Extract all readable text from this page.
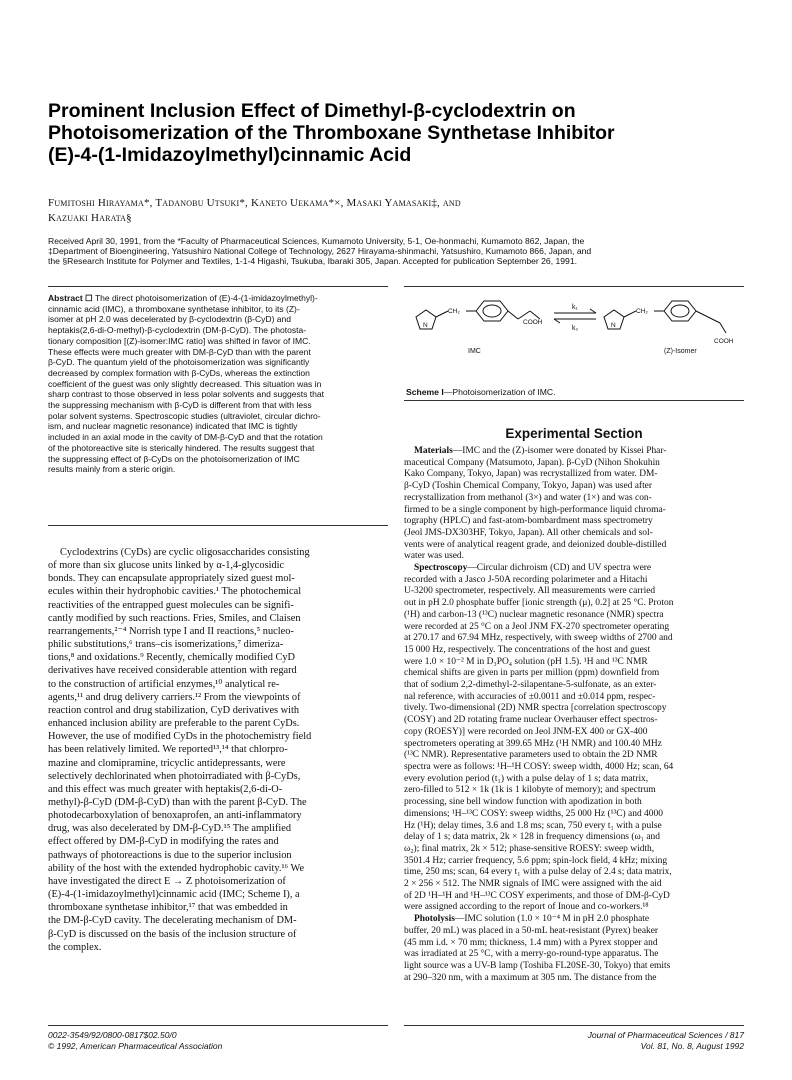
Prominent Inclusion Effect of Dimethyl-β-cyclodextrin on
Photoisomerization of the Thromboxane Synthetase Inhibitor
(E)-4-(1-Imidazoylmethyl)cinnamic Acid
Fumitoshi Hirayama*, Tadanobu Utsuki*, Kaneto Uekama*×, Masaki Yamasaki‡, and
Kazuaki Harata§
Received April 30, 1991, from the *Faculty of Pharmaceutical Sciences, Kumamoto University, 5-1, Oe-honmachi, Kumamoto 862, Japan, the
‡Department of Bioengineering, Yatsushiro National College of Technology, 2627 Hirayama-shinmachi, Yatsushiro, Kumamoto 866, Japan, and
the §Research Institute for Polymer and Textiles, 1-1-4 Higashi, Tsukuba, Ibaraki 305, Japan. Accepted for publication September 26, 1991.
Abstract ☐ The direct photoisomerization of (E)-4-(1-imidazoylmethyl)-
cinnamic acid (IMC), a thromboxane synthetase inhibitor, to its (Z)-
isomer at pH 2.0 was decelerated by β-cyclodextrin (β-CyD) and
heptakis(2,6-di-O-methyl)-β-cyclodextrin (DM-β-CyD). The photosta-
tionary composition [(Z)-isomer:IMC ratio] was shifted in favor of IMC.
These effects were much greater with DM-β-CyD than with the parent
β-CyD. The quantum yield of the photoisomerization was significantly
decreased by complex formation with β-CyDs, whereas the extinction
coefficient of the guest was only slightly decreased. This situation was in
sharp contrast to those observed in less polar solvents and suggests that
the suppressing mechanism with β-CyD is different from that with less
polar solvent systems. Spectroscopic studies (ultraviolet, circular dichro-
ism, and nuclear magnetic resonance) indicated that IMC is tightly
included in an axial mode in the cavity of DM-β-CyD and that the rotation
of the photoreactive site is sterically hindered. The results suggest that
the suppressing effect of β-CyDs on the photoisomerization of IMC
results mainly from a steric origin.
Cyclodextrins (CyDs) are cyclic oligosaccharides consisting
of more than six glucose units linked by α-1,4-glycosidic
bonds. They can encapsulate appropriately sized guest mol-
ecules within their hydrophobic cavities.¹ The photochemical
reactivities of the entrapped guest molecules can be signifi-
cantly modified by such reactions. Fries, Smiles, and Claisen
rearrangements,²⁻⁴ Norrish type I and II reactions,⁵ nucleo-
philic substitutions,⁶ trans–cis isomerizations,⁷ dimeriza-
tions,⁸ and oxidations.⁹ Recently, chemically modified CyD
derivatives have received considerable attention with regard
to the construction of artificial enzymes,¹⁰ analytical re-
agents,¹¹ and drug delivery carriers.¹² From the viewpoints of
reaction control and drug stabilization, CyD derivatives with
enhanced inclusion ability are preferable to the parent CyDs.
However, the use of modified CyDs in the photochemistry field
has been relatively limited. We reported¹³,¹⁴ that chlorpro-
mazine and clomipramine, tricyclic antidepressants, were
selectively dechlorinated when photoirradiated with β-CyDs,
and this effect was much greater with heptakis(2,6-di-O-
methyl)-β-CyD (DM-β-CyD) than with the parent β-CyD. The
photodecarboxylation of benoxaprofen, an anti-inflammatory
drug, was also decelerated by DM-β-CyD.¹⁵ The amplified
effect offered by DM-β-CyD in modifying the rates and
pathways of photoreactions is due to the superior inclusion
ability of the host with the extended hydrophobic cavity.¹⁶ We
have investigated the direct E → Z photoisomerization of
(E)-4-(1-imidazoylmethyl)cinnamic acid (IMC; Scheme I), a
thromboxane synthetase inhibitor,¹⁷ that was embedded in
the DM-β-CyD cavity. The decelerating mechanism of DM-
β-CyD is discussed on the basis of the inclusion structure of
the complex.
CH₂
COOH
CH₂
COOH
N	N
k₁
k₂
IMC	(Z)-Isomer
Scheme I—Photoisomerization of IMC.
Experimental Section
Materials—IMC and the (Z)-isomer were donated by Kissei Phar-
maceutical Company (Matsumoto, Japan). β-CyD (Nihon Shokuhin
Kako Company, Tokyo, Japan) was recrystallized from water. DM-
β-CyD (Toshin Chemical Company, Tokyo, Japan) was used after
recrystallization from methanol (3×) and water (1×) and was con-
firmed to be a single component by high-performance liquid chroma-
tography (HPLC) and fast-atom-bombardment mass spectrometry
(Jeol JMS-DX303HF, Tokyo, Japan). All other chemicals and sol-
vents were of analytical reagent grade, and deionized double-distilled
water was used.
Spectroscopy—Circular dichroism (CD) and UV spectra were
recorded with a Jasco J-50A recording polarimeter and a Hitachi
U-3200 spectrometer, respectively. All measurements were carried
out in pH 2.0 phosphate buffer [ionic strength (μ), 0.2] at 25 °C. Proton
(¹H) and carbon-13 (¹³C) nuclear magnetic resonance (NMR) spectra
were recorded at 25 °C on a Jeol JNM FX-270 spectrometer operating
at 270.17 and 67.94 MHz, respectively, with sweep widths of 2700 and
15 000 Hz, respectively. The concentrations of the host and guest
were 1.0 × 10⁻² M in D₃PO₄ solution (pH 1.5). ¹H and ¹³C NMR
chemical shifts are given in parts per million (ppm) downfield from
that of sodium 2,2-dimethyl-2-silapentane-5-sulfonate, as an exter-
nal reference, with accuracies of ±0.0011 and ±0.014 ppm, respec-
tively. Two-dimensional (2D) NMR spectra [correlation spectroscopy
(COSY) and 2D rotating frame nuclear Overhauser effect spectros-
copy (ROESY)] were recorded on Jeol JNM-EX 400 or GX-400
spectrometers operating at 399.65 MHz (¹H NMR) and 100.40 MHz
(¹³C NMR). Representative parameters used to obtain the 2D NMR
spectra were as follows: ¹H–¹H COSY: sweep width, 4000 Hz; scan, 64
every evolution period (t₁) with a pulse delay of 1 s; data matrix,
zero-filled to 512 × 1k (1k is 1 kilobyte of memory); and spectrum
processing, sine bell window function with apodization in both
dimensions; ¹H–¹³C COSY: sweep widths, 25 000 Hz (¹³C) and 4000
Hz (¹H); delay times, 3.6 and 1.8 ms; scan, 750 every t₁ with a pulse
delay of 1 s; data matrix, 2k × 128 in frequency dimensions (ω₁ and
ω₂); final matrix, 2k × 512; phase-sensitive ROESY: sweep width,
3501.4 Hz; carrier frequency, 5.6 ppm; spin-lock field, 4 kHz; mixing
time, 250 ms; scan, 64 every t₁ with a pulse delay of 2.4 s; data matrix,
2 × 256 × 512. The NMR signals of IMC were assigned with the aid
of 2D ¹H–¹H and ¹H–¹³C COSY experiments, and those of DM-β-CyD
were assigned according to the report of Inoue and co-workers.¹⁸
Photolysis—IMC solution (1.0 × 10⁻⁴ M in pH 2.0 phosphate
buffer, 20 mL) was placed in a 50-mL heat-resistant (Pyrex) beaker
(45 mm i.d. × 70 mm; thickness, 1.4 mm) with a Pyrex stopper and
was irradiated at 25 °C, with a merry-go-round-type apparatus. The
light source was a UV-B lamp (Toshiba FL20SE-30, Tokyo) that emits
at 290–320 nm, with a maximum at 305 nm. The distance from the
0022-3549/92/0800-0817$02.50/0
© 1992, American Pharmaceutical Association
Journal of Pharmaceutical Sciences / 817
Vol. 81, No. 8, August 1992
